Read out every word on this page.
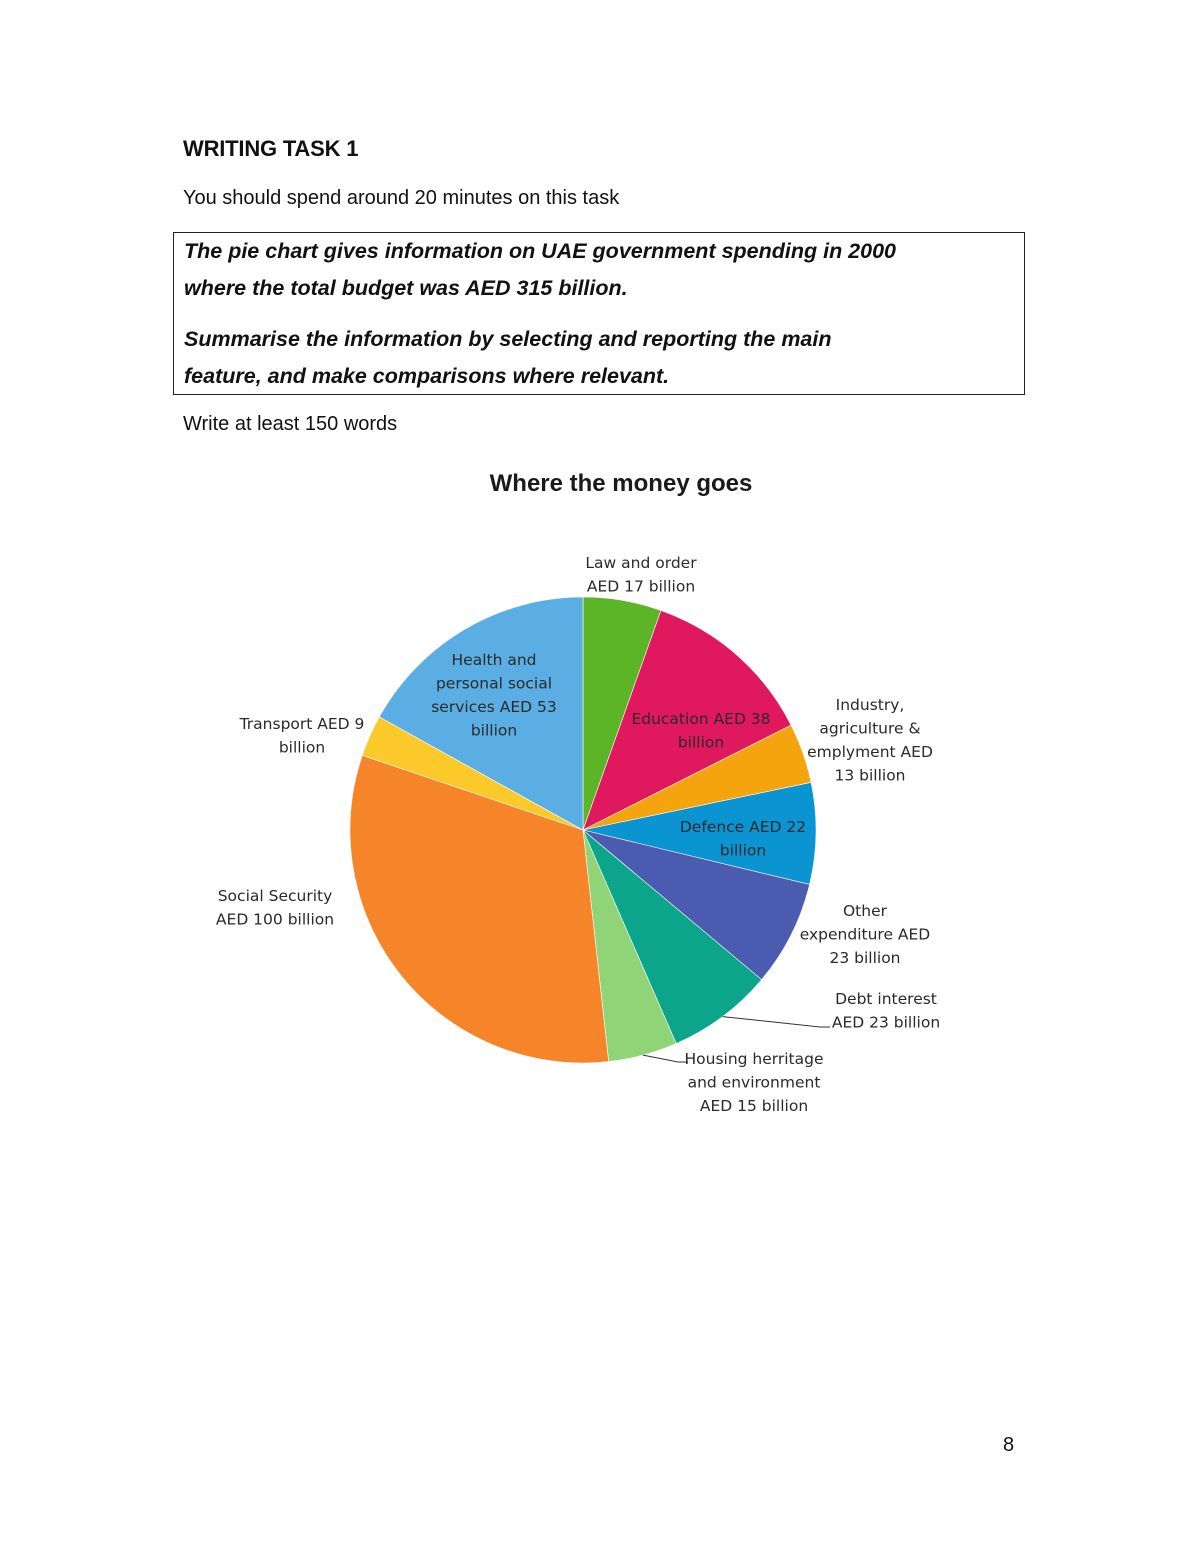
WRITING TASK 1
You should spend around 20 minutes on this task
The pie chart gives information on UAE government spending in 2000
where the total budget was AED 315 billion.
Summarise the information by selecting and reporting the main
feature, and make comparisons where relevant.
Write at least 150 words
Where the money goes
Law and order AED 17 billion
Education AED 38 billion
Industry, agriculture & emplyment AED 13 billion
Defence AED 22 billion
Other expenditure AED 23 billion
Debt interest AED 23 billion
Housing herritage and environment AED 15 billion
Social Security AED 100 billion
Transport AED 9 billion
Health and personal social services AED 53 billion
8
